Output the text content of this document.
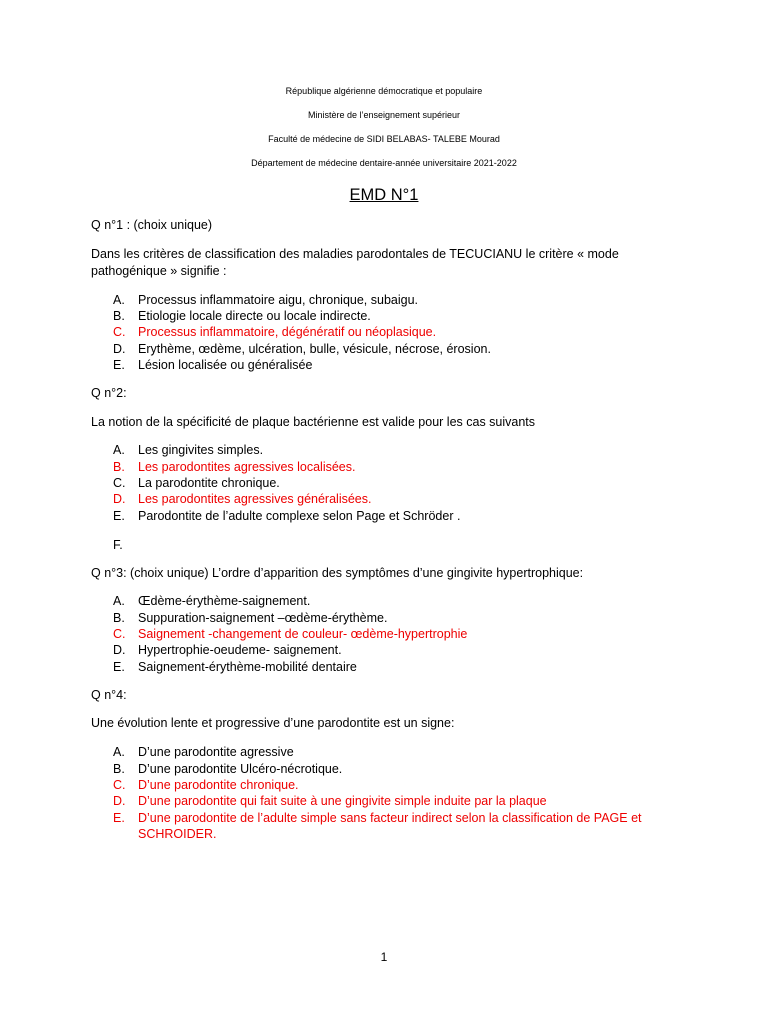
République algérienne démocratique et populaire
Ministère de l’enseignement supérieur
Faculté de médecine de SIDI BELABAS- TALEBE Mourad
Département de médecine dentaire-année universitaire 2021-2022
EMD N°1
Q n°1 : (choix unique)
Dans les critères de classification des maladies parodontales de TECUCIANU le critère « mode pathogénique » signifie :
A.	Processus inflammatoire aigu, chronique, subaigu.
B.	Etiologie locale directe ou locale indirecte.
C.	Processus inflammatoire, dégénératif ou néoplasique.
D.	Erythème, œdème, ulcération, bulle, vésicule, nécrose, érosion.
E.	Lésion localisée ou généralisée
Q n°2:
La notion de la spécificité de plaque bactérienne est valide pour les cas suivants
A.	Les gingivites simples.
B.	Les parodontites agressives localisées.
C.	La parodontite chronique.
D.	Les parodontites agressives généralisées.
E.	Parodontite de l’adulte complexe selon Page et Schröder .
F.
Q n°3: (choix unique) L’ordre d’apparition des symptômes d’une gingivite hypertrophique:
A.	Œdème-érythème-saignement.
B.	Suppuration-saignement –œdème-érythème.
C.	Saignement -changement de couleur- œdème-hypertrophie
D.	Hypertrophie-oeudeme- saignement.
E.	Saignement-érythème-mobilité dentaire
Q n°4:
Une évolution lente et progressive d’une parodontite est un signe:
A.	D’une parodontite agressive
B.	D’une parodontite Ulcéro-nécrotique.
C.	D’une parodontite chronique.
D.	D’une parodontite qui fait suite à une gingivite simple induite par la plaque
E.	D’une parodontite de l’adulte simple sans facteur indirect selon la classification de PAGE et SCHROIDER.
1
